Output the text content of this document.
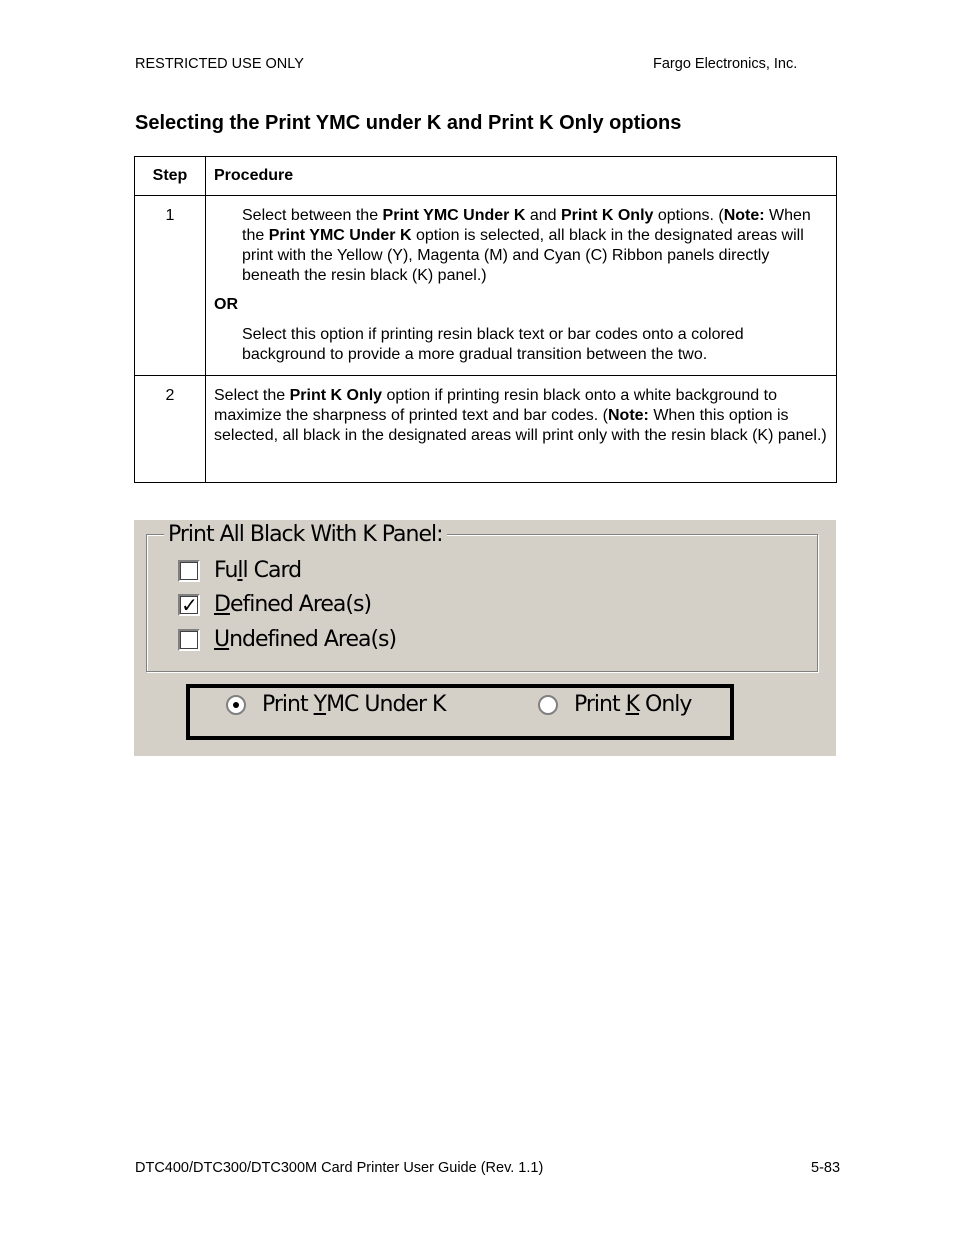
RESTRICTED USE ONLY	Fargo Electronics, Inc.
Selecting the Print YMC under K and Print K Only options
Step	Procedure
1	Select between the Print YMC Under K and Print K Only options. (Note: When the Print YMC Under K option is selected, all black in the designated areas will print with the Yellow (Y), Magenta (M) and Cyan (C) Ribbon panels directly beneath the resin black (K) panel.)
OR
Select this option if printing resin black text or bar codes onto a colored background to provide a more gradual transition between the two.

2	Select the Print K Only option if printing resin black onto a white background to maximize the sharpness of printed text and bar codes. (Note: When this option is selected, all black in the designated areas will print only with the resin black (K) panel.)
Print All Black With K Panel:
Full Card
✓ Defined Area(s)
Undefined Area(s)
Print YMC Under K	Print K Only
DTC400/DTC300/DTC300M Card Printer User Guide (Rev. 1.1)	5-83
